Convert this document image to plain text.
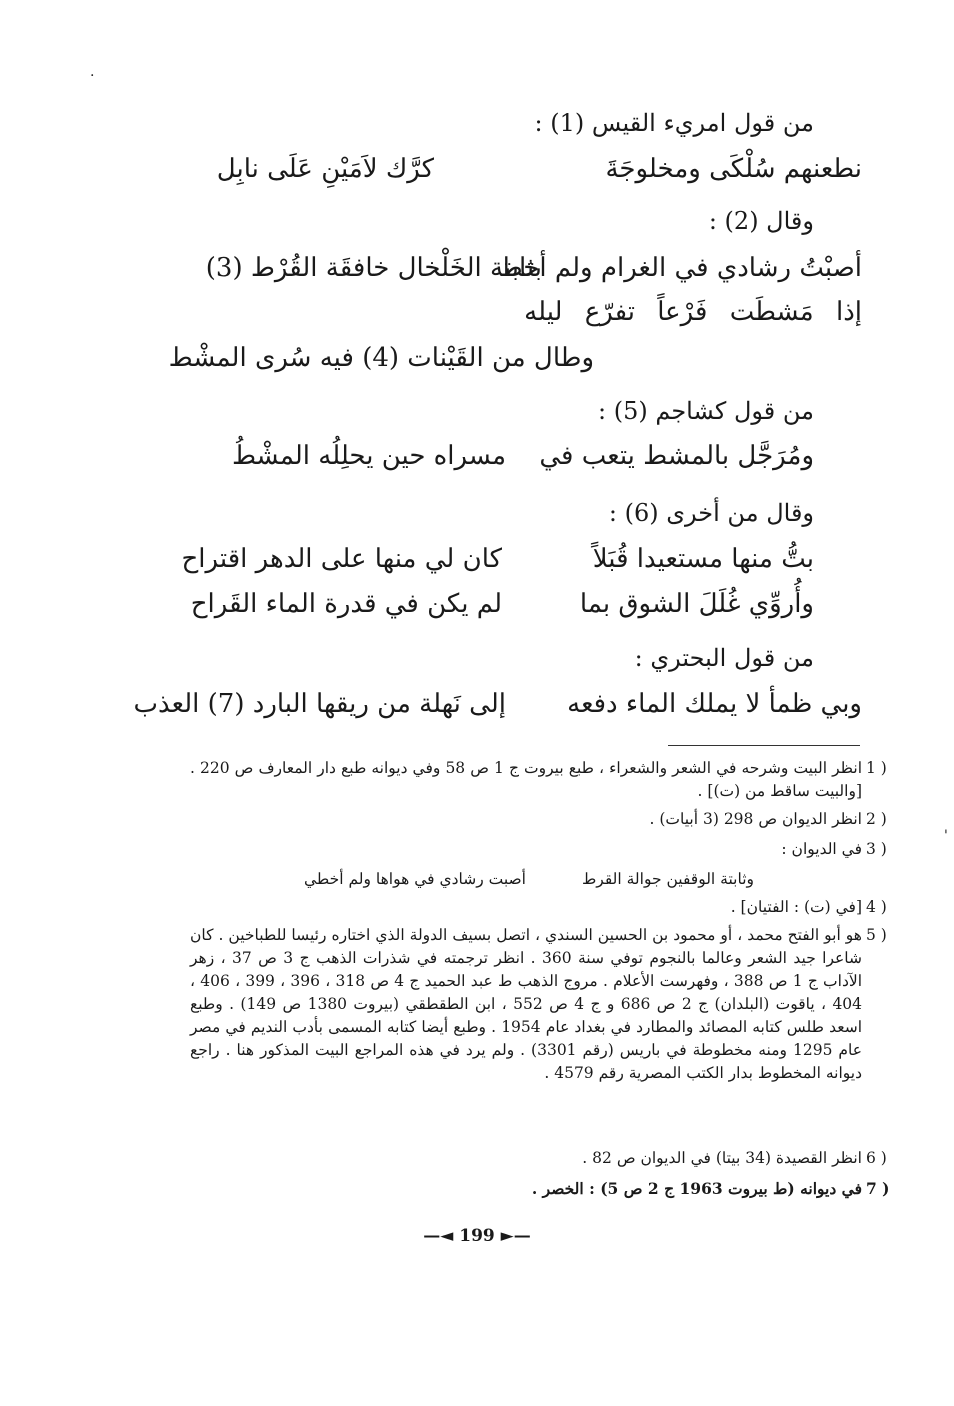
من قول امريء القيس (1) :
نطعنهم سُلْكَى ومخلوجَةَ
كرَّك لاَمَيْنِ عَلَى نابِل
وقال (2) :
أصبْتُ رشادي في الغرام ولم أخط
بثابتة الخَلْخال خافقَة القُرْط (3)
إذا مَشطَت فَرْعاً تفرّع ليله
وطال من القَيْنات (4) فيه سُرى المشْط
من قول كشاجم (5) :
ومُرَجَّل بالمشط يتعب في
مسراه حين يحلِلُه المشْطُ
وقال من أخرى (6) :
بتُّ منها مستعيدا قُبَلاً
كان لي منها على الدهر اقتراح
وأُروِّي غُلَلَ الشوق بما
لم يكن في قدرة الماء القَراح
من قول البحتري :
وبي ظمأ لا يملك الماء دفعه
إلى نَهلة من ريقها البارد (7) العذب
1 )
انظر البيت وشرحه في الشعر والشعراء ، طبع بيروت ج 1 ص 58 وفي ديوانه طبع دار المعارف ص 220 . [والبيت ساقط من (ت)] .
2 )
انظر الديوان ص 298 (3 أبيات) .
3 )
في الديوان :
أصبت رشادي في هواها ولم أخطي	وثابتة الوقفين جوالة القرط
4 )
[في (ت) : الفتيان] .
5 )
هو أبو الفتح محمد ، أو محمود بن الحسين السندي ، اتصل بسيف الدولة الذي اختاره رئيسا للطباخين . كان شاعرا جيد الشعر وعالما بالنجوم توفي سنة 360 . انظر ترجمته في شذرات الذهب ج 3 ص 37 ، زهر الآداب ج 1 ص 388 ، وفهرست الأعلام . مروج الذهب ط عبد الحميد ج 4 ص 318 ، 396 ، 399 ، 406 ، 404 ، ياقوت (البلدان) ج 2 ص 686 و ج 4 ص 552 ، ابن الطقطقي (بيروت 1380 ص 149) . وطبع اسعد طلس كتابه المصائد والمطارد في بغداد عام 1954 . وطبع أيضا كتابه المسمى بأدب النديم في مصر عام 1295 ومنه مخطوطة في باريس (رقم 3301) . ولم يرد في هذه المراجع البيت المذكور هنا . راجع ديوانه المخطوط بدار الكتب المصرية رقم 4579 .
6 )
انظر القصيدة (34 بيتا) في الديوان ص 82 .
7 )
في ديوانه (ط بيروت 1963 ج 2 ص 5) : الخصر .
—◄ 199 ►—
.
'
